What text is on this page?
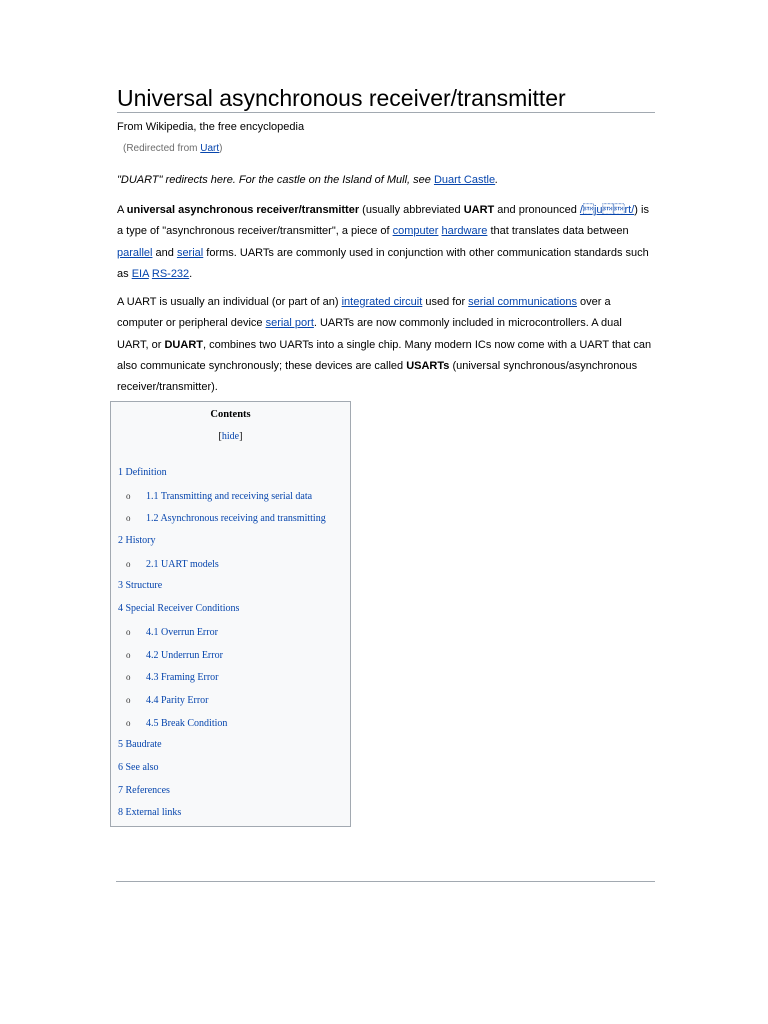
Universal asynchronous receiver/transmitter
From Wikipedia, the free encyclopedia
(Redirected from Uart)
"DUART" redirects here. For the castle on the Island of Mull, see Duart Castle.

A universal asynchronous receiver/transmitter (usually abbreviated UART and pronounced /jurt/) is a type of "asynchronous receiver/transmitter", a piece of computer hardware that translates data between parallel and serial forms. UARTs are commonly used in conjunction with other communication standards such as EIA RS-232.

A UART is usually an individual (or part of an) integrated circuit used for serial communications over a computer or peripheral device serial port. UARTs are now commonly included in microcontrollers. A dual UART, or DUART, combines two UARTs into a single chip. Many modern ICs now come with a UART that can also communicate synchronously; these devices are called USARTs (universal synchronous/asynchronous receiver/transmitter).

Contents
[hide]
1 Definition
o 1.1 Transmitting and receiving serial data
o 1.2 Asynchronous receiving and transmitting
2 History
o 2.1 UART models
3 Structure
4 Special Receiver Conditions
o 4.1 Overrun Error
o 4.2 Underrun Error
o 4.3 Framing Error
o 4.4 Parity Error
o 4.5 Break Condition
5 Baudrate
6 See also
7 References
8 External links
